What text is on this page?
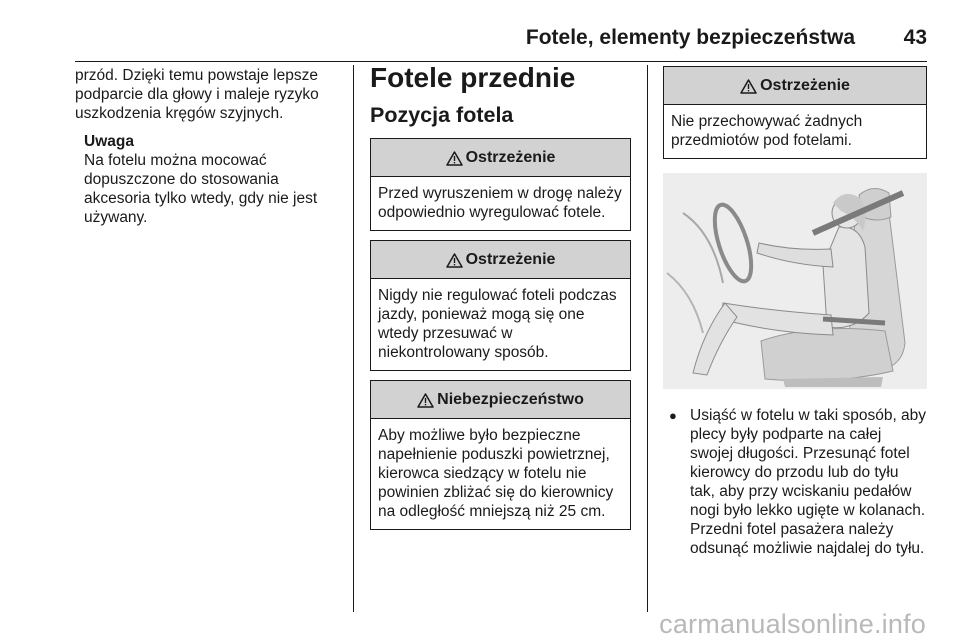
Fotele, elementy bezpieczeństwa 43

przód. Dzięki temu powstaje lepsze podparcie dla głowy i maleje ryzyko uszkodzenia kręgów szyjnych.

Uwaga
Na fotelu można mocować dopuszczone do stosowania akcesoria tylko wtedy, gdy nie jest używany.
Fotele przednie
Pozycja fotela
Ostrzeżenie

Przed wyruszeniem w drogę należy odpowiednio wyregulować fotele.

Ostrzeżenie

Nigdy nie regulować foteli podczas jazdy, ponieważ mogą się one wtedy przesuwać w niekontrolowany sposób.

Niebezpieczeństwo

Aby możliwe było bezpieczne napełnienie poduszki powietrznej, kierowca siedzący w fotelu nie powinien zbliżać się do kierownicy na odległość mniejszą niż 25 cm.

Ostrzeżenie

Nie przechowywać żadnych przedmiotów pod fotelami.

● Usiąść w fotelu w taki sposób, aby plecy były podparte na całej swojej długości. Przesunąć fotel kierowcy do przodu lub do tyłu tak, aby przy wciskaniu pedałów nogi było lekko ugięte w kolanach. Przedni fotel pasażera należy odsunąć możliwie najdalej do tyłu.

carmanualsonline.info
